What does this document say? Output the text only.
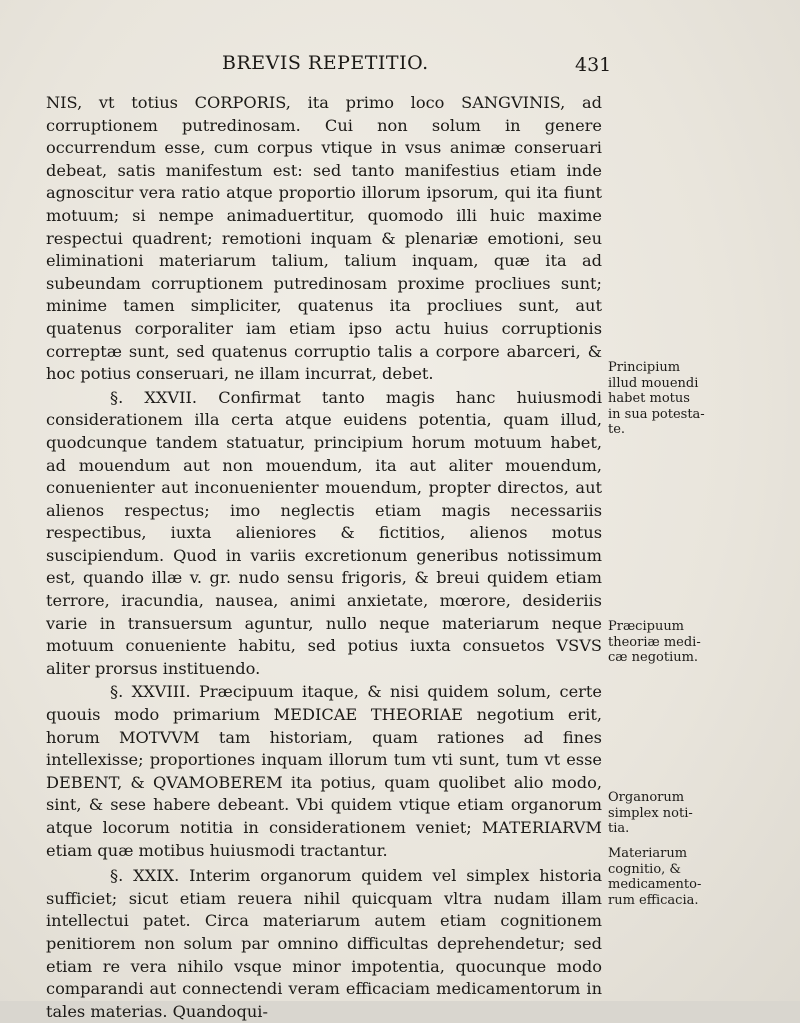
BREVIS REPETITIO.	431

NIS, vt totius CORPORIS, ita primo loco SANGVINIS, ad corruptionem putredinosam. Cui non solum in genere occurrendum esse, cum corpus vtique in vsus animæ conseruari debeat, satis manifestum est: sed tanto manifestius etiam inde agnoscitur vera ratio atque proportio illorum ipsorum, qui ita fiunt motuum; si nempe animaduertitur, quomodo illi huic maxime respectui quadrent; remotioni inquam & plenariæ emotioni, seu eliminationi materiarum talium, talium inquam, quæ ita ad subeundam corruptionem putredinosam proxime procliues sunt; minime tamen simpliciter, quatenus ita procliues sunt, aut quatenus corporaliter iam etiam ipso actu huius corruptionis correptæ sunt, sed quatenus corruptio talis a corpore abarceri, & hoc potius conseruari, ne illam incurrat, debet.

§. XXVII. Confirmat tanto magis hanc huiusmodi considerationem illa certa atque euidens potentia, quam illud, quodcunque tandem statuatur, principium horum motuum habet, ad mouendum aut non mouendum, ita aut aliter mouendum, conuenienter aut inconuenienter mouendum, propter directos, aut alienos respectus; imo neglectis etiam magis necessariis respectibus, iuxta alieniores & fictitios, alienos motus suscipiendum. Quod in variis excretionum generibus notissimum est, quando illæ v. gr. nudo sensu frigoris, & breui quidem etiam terrore, iracundia, nausea, animi anxietate, mœrore, desideriis varie in transuersum aguntur, nullo neque materiarum neque motuum conueniente habitu, sed potius iuxta consuetos VSVS aliter prorsus instituendo.

§. XXVIII. Præcipuum itaque, & nisi quidem solum, certe quouis modo primarium MEDICAE THEORIAE negotium erit, horum MOTVVM tam historiam, quam rationes ad fines intellexisse; proportiones inquam illorum tum vti sunt, tum vt esse DEBENT, & QVAMOBEREM ita potius, quam quolibet alio modo, sint, & sese habere debeant. Vbi quidem vtique etiam organorum atque locorum notitia in considerationem veniet; MATERIARVM etiam quæ motibus huiusmodi tractantur.

§. XXIX. Interim organorum quidem vel simplex historia sufficiet; sicut etiam reuera nihil quicquam vltra nudam illam intellectui patet. Circa materiarum autem etiam cognitionem penitiorem non solum par omnino difficultas deprehendetur; sed etiam re vera nihilo vsque minor impotentia, quocunque modo comparandi aut connectendi veram efficaciam medicamentorum in tales materias. Quandoqui-

Principium
illud mouendi
habet motus
in sua potesta-
te.
Præcipuum
theoriæ medi-
cæ negotium.
Organorum
simplex noti-
tia.
Materiarum
cognitio, &
medicamento-
rum efficacia.
